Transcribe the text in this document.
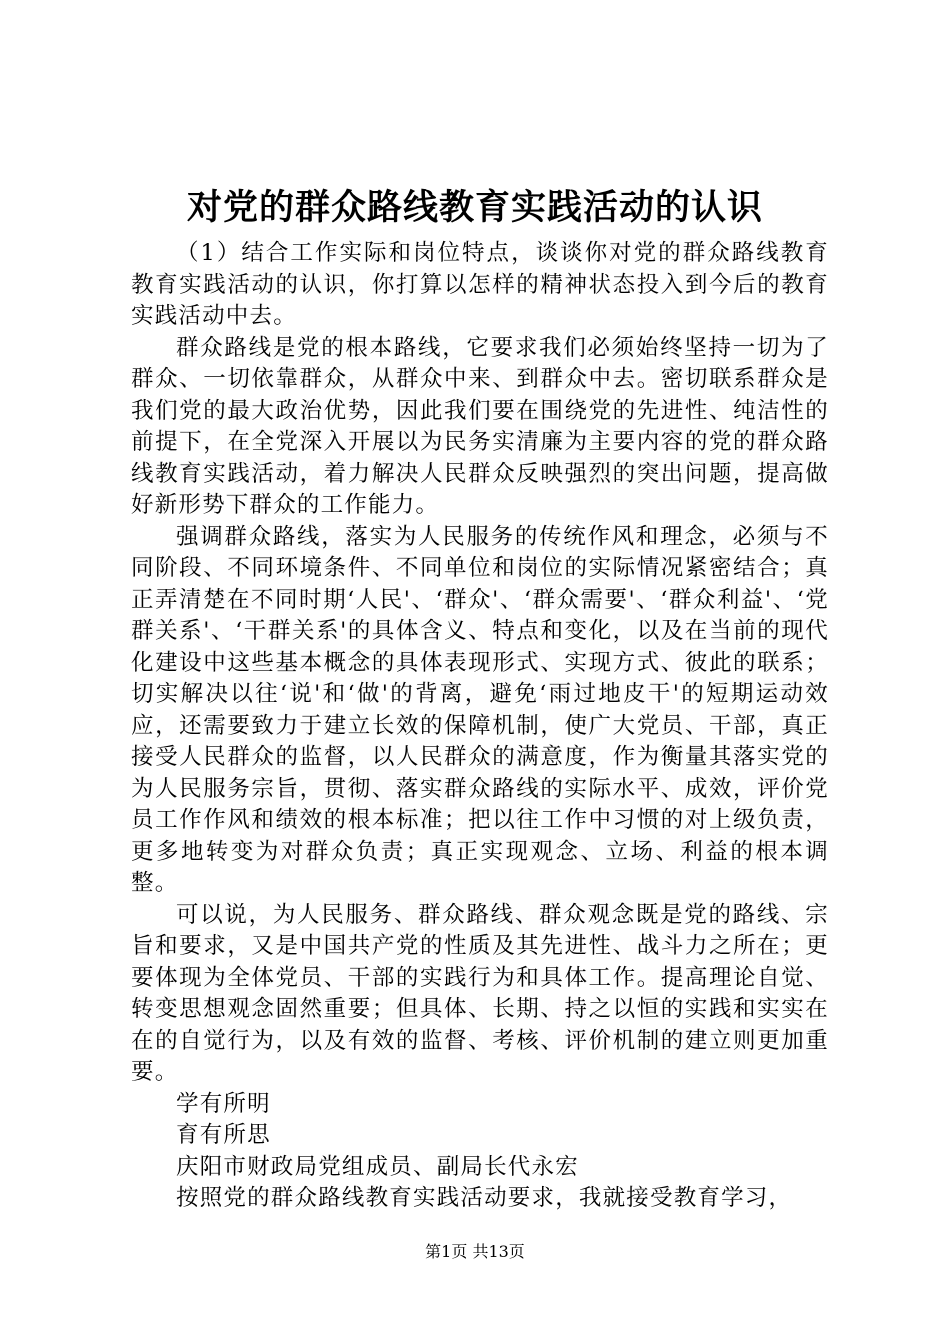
对党的群众路线教育实践活动的认识

（1）结合工作实际和岗位特点，谈谈你对党的群众路线教育教育实践活动的认识，你打算以怎样的精神状态投入到今后的教育实践活动中去。

群众路线是党的根本路线，它要求我们必须始终坚持一切为了群众、一切依靠群众，从群众中来、到群众中去。密切联系群众是我们党的最大政治优势，因此我们要在围绕党的先进性、纯洁性的前提下，在全党深入开展以为民务实清廉为主要内容的党的群众路线教育实践活动，着力解决人民群众反映强烈的突出问题，提高做好新形势下群众的工作能力。

强调群众路线，落实为人民服务的传统作风和理念，必须与不同阶段、不同环境条件、不同单位和岗位的实际情况紧密结合；真正弄清楚在不同时期‘人民'、‘群众'、‘群众需要'、‘群众利益'、‘党群关系'、‘干群关系'的具体含义、特点和变化，以及在当前的现代化建设中这些基本概念的具体表现形式、实现方式、彼此的联系；切实解决以往‘说'和‘做'的背离，避免‘雨过地皮干'的短期运动效应，还需要致力于建立长效的保障机制，使广大党员、干部，真正接受人民群众的监督，以人民群众的满意度，作为衡量其落实党的为人民服务宗旨，贯彻、落实群众路线的实际水平、成效，评价党员工作作风和绩效的根本标准；把以往工作中习惯的对上级负责，更多地转变为对群众负责；真正实现观念、立场、利益的根本调整。

可以说，为人民服务、群众路线、群众观念既是党的路线、宗旨和要求，又是中国共产党的性质及其先进性、战斗力之所在；更要体现为全体党员、干部的实践行为和具体工作。提高理论自觉、转变思想观念固然重要；但具体、长期、持之以恒的实践和实实在在的自觉行为，以及有效的监督、考核、评价机制的建立则更加重要。

学有所明

育有所思

庆阳市财政局党组成员、副局长代永宏

按照党的群众路线教育实践活动要求，我就接受教育学习，

第1页 共13页
